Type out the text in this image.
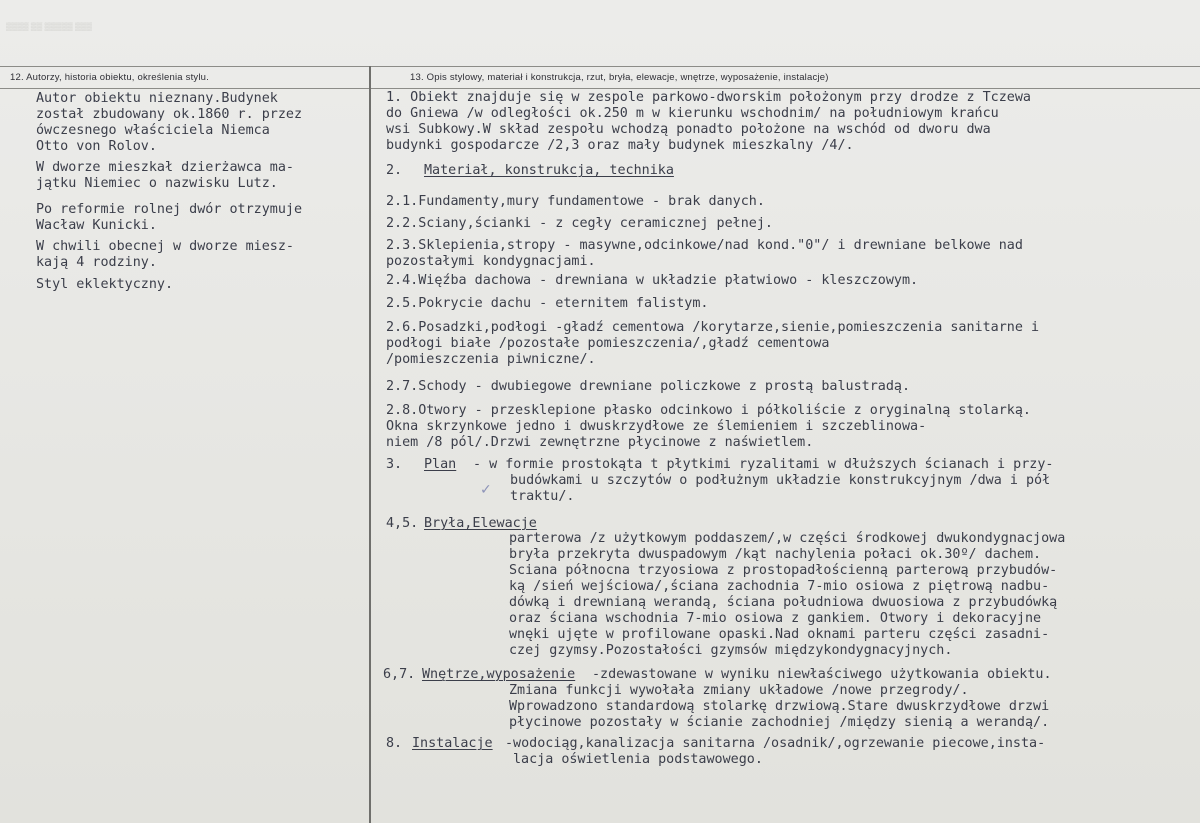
▒▒▒▒ ▒▒ ▒▒▒▒▒ ▒▒▒
12. Autorzy, historia obiektu, określenia stylu.	13. Opis stylowy, materiał i konstrukcja, rzut, bryła, elewacje, wnętrze, wyposażenie, instalacje)
Autor obiektu nieznany.Budynek
został zbudowany ok.1860 r. przez
ówczesnego właściciela Niemca
Otto von Rolov.
W dworze mieszkał dzierżawca ma-
jątku Niemiec o nazwisku Lutz.
Po reformie rolnej dwór otrzymuje
Wacław Kunicki.
W chwili obecnej w dworze miesz-
kają 4 rodziny.
Styl eklektyczny.
1. Obiekt znajduje się w zespole parkowo-dworskim położonym przy drodze z Tczewa
do Gniewa /w odległości ok.250 m w kierunku wschodnim/ na południowym krańcu
wsi Subkowy.W skład zespołu wchodzą ponadto położone na wschód od dworu dwa
budynki gospodarcze /2,3 oraz mały budynek mieszkalny /4/.
2. Materiał, konstrukcja, technika
2.1.Fundamenty,mury fundamentowe - brak danych.
2.2.Sciany,ścianki - z cegły ceramicznej pełnej.
2.3.Sklepienia,stropy - masywne,odcinkowe/nad kond."0"/ i drewniane belkowe nad
pozostałymi kondygnacjami.
2.4.Więźba dachowa - drewniana w układzie płatwiowo - kleszczowym.
2.5.Pokrycie dachu - eternitem falistym.
2.6.Posadzki,podłogi -gładź cementowa /korytarze,sienie,pomieszczenia sanitarne i
podłogi białe /pozostałe pomieszczenia/,gładź cementowa
/pomieszczenia piwniczne/.
2.7.Schody - dwubiegowe drewniane policzkowe z prostą balustradą.
2.8.Otwory - przesklepione płasko odcinkowo i półkoliście z oryginalną stolarką.
Okna skrzynkowe jedno i dwuskrzydłowe ze ślemieniem i szczeblinowa-
niem /8 pól/.Drzwi zewnętrzne płycinowe z naświetlem.
3. Plan - w formie prostokąta t płytkimi ryzalitami w dłuższych ścianach i przy-
budówkami u szczytów o podłużnym układzie konstrukcyjnym /dwa i pół
traktu/.
✓
4,5. Bryła,Elewacje
parterowa /z użytkowym poddaszem/,w części środkowej dwukondygnacjowa
bryła przekryta dwuspadowym /kąt nachylenia połaci ok.30º/ dachem.
Sciana północna trzyosiowa z prostopadłościenną parterową przybudów-
ką /sień wejściowa/,ściana zachodnia 7-mio osiowa z piętrową nadbu-
dówką i drewnianą werandą, ściana południowa dwuosiowa z przybudówką
oraz ściana wschodnia 7-mio osiowa z gankiem. Otwory i dekoracyjne
wnęki ujęte w profilowane opaski.Nad oknami parteru części zasadni-
czej gzymsy.Pozostałości gzymsów międzykondygnacyjnych.
6,7. Wnętrze,wyposażenie -zdewastowane w wyniku niewłaściwego użytkowania obiektu.
Zmiana funkcji wywołała zmiany układowe /nowe przegrody/.
Wprowadzono standardową stolarkę drzwiową.Stare dwuskrzydłowe drzwi
płycinowe pozostały w ścianie zachodniej /między sienią a werandą/.
8. Instalacje -wodociąg,kanalizacja sanitarna /osadnik/,ogrzewanie piecowe,insta-
lacja oświetlenia podstawowego.
